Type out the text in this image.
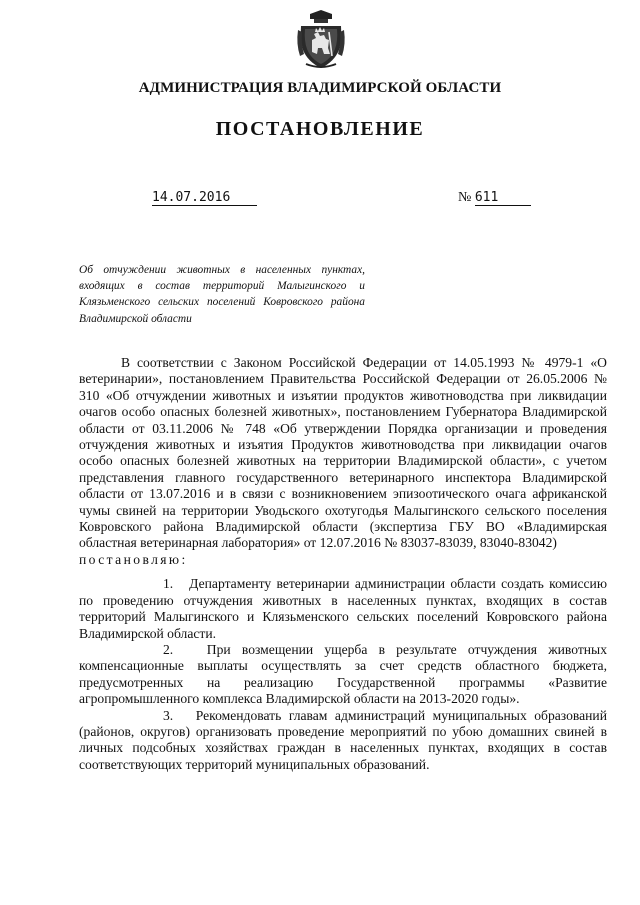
АДМИНИСТРАЦИЯ ВЛАДИМИРСКОЙ ОБЛАСТИ
ПОСТАНОВЛЕНИЕ
14.07.2016	№ 611
Об отчуждении животных в населенных пунктах, входящих в состав территорий Малыгинского и Клязьменского сельских поселений Ковровского района Владимирской области

В соответствии с Законом Российской Федерации от 14.05.1993 № 4979-1 «О ветеринарии», постановлением Правительства Российской Федерации от 26.05.2006 № 310 «Об отчуждении животных и изъятии продуктов животноводства при ликвидации очагов особо опасных болезней животных», постановлением Губернатора Владимирской области от 03.11.2006 № 748 «Об утверждении Порядка организации и проведения отчуждения животных и изъятия Продуктов животноводства при ликвидации очагов особо опасных болезней животных на территории Владимирской области», с учетом представления главного государственного ветеринарного инспектора Владимирской области от 13.07.2016 и в связи с возникновением эпизоотического очага африканской чумы свиней на территории Уводьского охотугодья Малыгинского сельского поселения Ковровского района Владимирской области (экспертиза ГБУ ВО «Владимирская областная ветеринарная лаборатория» от 12.07.2016 № 83037-83039, 83040-83042)

постановляю:

1. Департаменту ветеринарии администрации области создать комиссию по проведению отчуждения животных в населенных пунктах, входящих в состав территорий Малыгинского и Клязьменского сельских поселений Ковровского района Владимирской области.

2. При возмещении ущерба в результате отчуждения животных компенсационные выплаты осуществлять за счет средств областного бюджета, предусмотренных на реализацию Государственной программы «Развитие агропромышленного комплекса Владимирской области на 2013-2020 годы».

3. Рекомендовать главам администраций муниципальных образований (районов, округов) организовать проведение мероприятий по убою домашних свиней в личных подсобных хозяйствах граждан в населенных пунктах, входящих в состав соответствующих территорий муниципальных образований.
